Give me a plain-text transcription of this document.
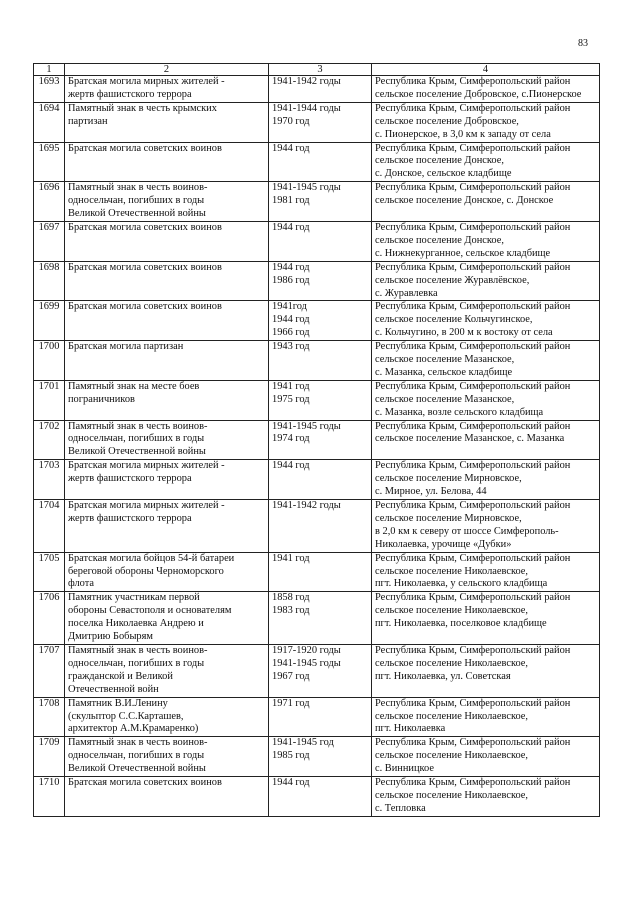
83
1	2	3	4

1693	Братская могила мирных жителей -
жертв фашистского террора	1941-1942 годы	Республика Крым, Симферопольский район
сельское поселение Добровское, с.Пионерское

1694	Памятный знак в честь крымских
партизан	1941-1944 годы
1970 год	Республика Крым, Симферопольский район
сельское поселение Добровское,
с. Пионерское, в 3,0 км к западу от села

1695	Братская могила советских воинов	1944 год	Республика Крым, Симферопольский район
сельское поселение Донское,
с. Донское, сельское кладбище

1696	Памятный знак в честь воинов-
односельчан, погибших в годы
Великой Отечественной войны	1941-1945 годы
1981 год	Республика Крым, Симферопольский район
сельское поселение Донское, с. Донское

1697	Братская могила советских воинов	1944 год	Республика Крым, Симферопольский район
сельское поселение Донское,
с. Нижнекурганное, сельское кладбище

1698	Братская могила советских воинов	1944 год
1986 год	Республика Крым, Симферопольский район
сельское поселение Журавлёвское,
с. Журавлевка

1699	Братская могила советских воинов	1941год
1944 год
1966 год	Республика Крым, Симферопольский район
сельское поселение Кольчугинское,
с. Кольчугино, в 200 м к востоку от села

1700	Братская могила партизан	1943 год	Республика Крым, Симферопольский район
сельское поселение Мазанское,
с. Мазанка, сельское кладбище

1701	Памятный знак на месте боев
пограничников	1941 год
1975 год	Республика Крым, Симферопольский район
сельское поселение Мазанское,
с. Мазанка, возле сельского кладбища

1702	Памятный знак в честь воинов-
односельчан, погибших в годы
Великой Отечественной войны	1941-1945 годы
1974 год	Республика Крым, Симферопольский район
сельское поселение Мазанское, с. Мазанка

1703	Братская могила мирных жителей -
жертв фашистского террора	1944 год	Республика Крым, Симферопольский район
сельское поселение Мирновское,
с. Мирное, ул. Белова, 44

1704	Братская могила мирных жителей -
жертв фашистского террора	1941-1942 годы	Республика Крым, Симферопольский район
сельское поселение Мирновское,
в 2,0 км к северу от шоссе Симферополь-
Николаевка, урочище «Дубки»

1705	Братская могила бойцов 54-й батареи
береговой обороны Черноморского
флота	1941 год	Республика Крым, Симферопольский район
сельское поселение Николаевское,
пгт. Николаевка, у сельского кладбища

1706	Памятник участникам первой
обороны Севастополя и основателям
поселка Николаевка Андрею и
Дмитрию Бобырям	1858 год
1983 год	Республика Крым, Симферопольский район
сельское поселение Николаевское,
пгт. Николаевка, поселковое кладбище

1707	Памятный знак в честь воинов-
односельчан, погибших в годы
гражданской и Великой
Отечественной войн	1917-1920 годы
1941-1945 годы
1967 год	Республика Крым, Симферопольский район
сельское поселение Николаевское,
пгт. Николаевка, ул. Советская

1708	Памятник В.И.Ленину
(скульптор С.С.Карташев,
архитектор А.М.Крамаренко)	1971 год	Республика Крым, Симферопольский район
сельское поселение Николаевское,
пгт. Николаевка

1709	Памятный знак в честь воинов-
односельчан, погибших в годы
Великой Отечественной войны	1941-1945 год
1985 год	Республика Крым, Симферопольский район
сельское поселение Николаевское,
с. Винницкое

1710	Братская могила советских воинов	1944 год	Республика Крым, Симферопольский район
сельское поселение Николаевское,
с. Тепловка
